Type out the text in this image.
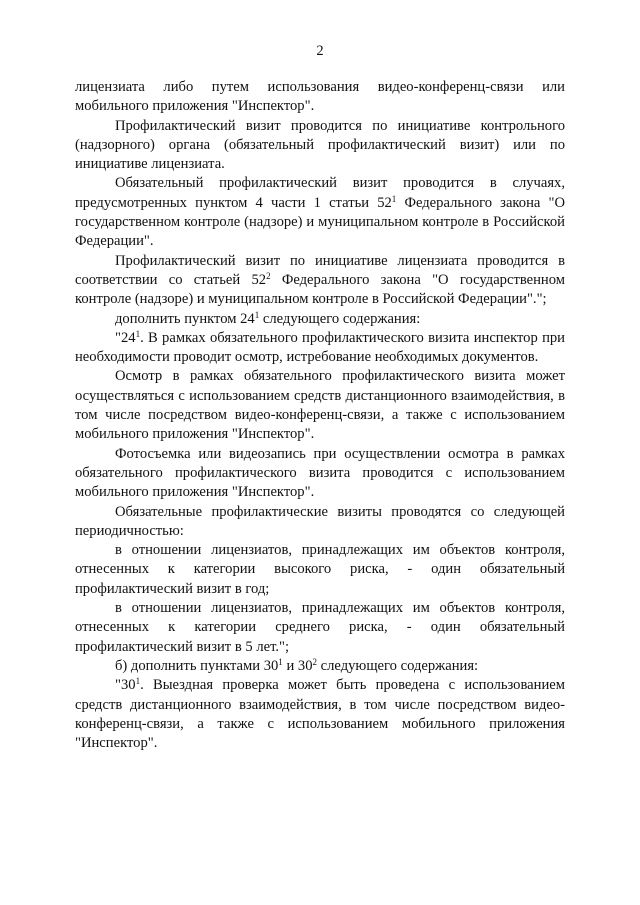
2

лицензиата либо путем использования видео-конференц-связи или мобильного приложения "Инспектор".

Профилактический визит проводится по инициативе контрольного (надзорного) органа (обязательный профилактический визит) или по инициативе лицензиата.

Обязательный профилактический визит проводится в случаях, предусмотренных пунктом 4 части 1 статьи $52^1$ Федерального закона "О государственном контроле (надзоре) и муниципальном контроле в Российской Федерации".

Профилактический визит по инициативе лицензиата проводится в соответствии со статьей $52^2$ Федерального закона "О государственном контроле (надзоре) и муниципальном контроле в Российской Федерации".";

дополнить пунктом $24^1$ следующего содержания:

"$24^1$. В рамках обязательного профилактического визита инспектор при необходимости проводит осмотр, истребование необходимых документов.

Осмотр в рамках обязательного профилактического визита может осуществляться с использованием средств дистанционного взаимодействия, в том числе посредством видео-конференц-связи, а также с использованием мобильного приложения "Инспектор".

Фотосъемка или видеозапись при осуществлении осмотра в рамках обязательного профилактического визита проводится с использованием мобильного приложения "Инспектор".

Обязательные профилактические визиты проводятся со следующей периодичностью:

в отношении лицензиатов, принадлежащих им объектов контроля, отнесенных к категории высокого риска, - один обязательный профилактический визит в год;

в отношении лицензиатов, принадлежащих им объектов контроля, отнесенных к категории среднего риска, - один обязательный профилактический визит в 5 лет.";

б) дополнить пунктами $30^1$ и $30^2$ следующего содержания:

"$30^1$. Выездная проверка может быть проведена с использованием средств дистанционного взаимодействия, в том числе посредством видео-конференц-связи, а также с использованием мобильного приложения "Инспектор".
